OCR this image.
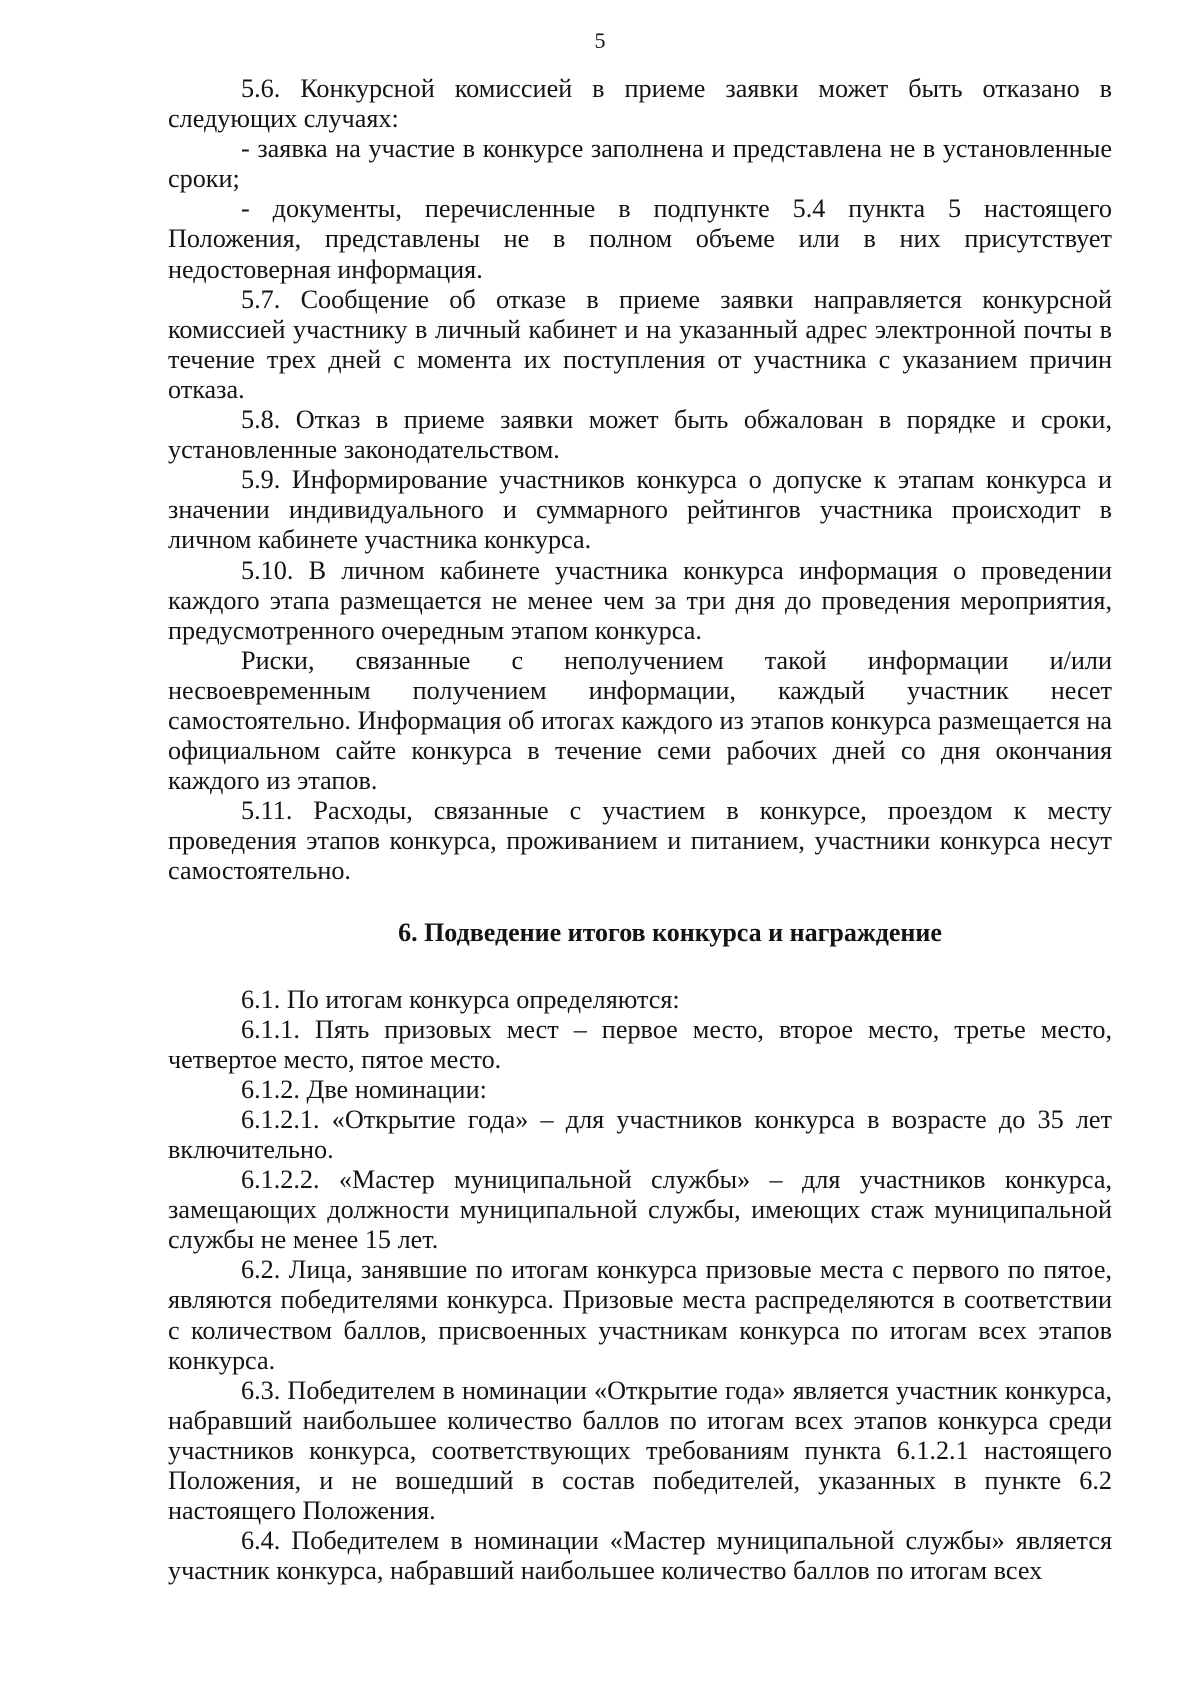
5

5.6. Конкурсной комиссией в приеме заявки может быть отказано в следующих случаях:

- заявка на участие в конкурсе заполнена и представлена не в установленные сроки;

- документы, перечисленные в подпункте 5.4 пункта 5 настоящего Положения, представлены не в полном объеме или в них присутствует недостоверная информация.

5.7. Сообщение об отказе в приеме заявки направляется конкурсной комиссией участнику в личный кабинет и на указанный адрес электронной почты в течение трех дней с момента их поступления от участника с указанием причин отказа.

5.8. Отказ в приеме заявки может быть обжалован в порядке и сроки, установленные законодательством.

5.9. Информирование участников конкурса о допуске к этапам конкурса и значении индивидуального и суммарного рейтингов участника происходит в личном кабинете участника конкурса.

5.10. В личном кабинете участника конкурса информация о проведении каждого этапа размещается не менее чем за три дня до проведения мероприятия, предусмотренного очередным этапом конкурса.

Риски, связанные с неполучением такой информации и/или несвоевременным получением информации, каждый участник несет самостоятельно. Информация об итогах каждого из этапов конкурса размещается на официальном сайте конкурса в течение семи рабочих дней со дня окончания каждого из этапов.

5.11. Расходы, связанные с участием в конкурсе, проездом к месту проведения этапов конкурса, проживанием и питанием, участники конкурса несут самостоятельно.

6. Подведение итогов конкурса и награждение

6.1. По итогам конкурса определяются:

6.1.1. Пять призовых мест – первое место, второе место, третье место, четвертое место, пятое место.

6.1.2. Две номинации:

6.1.2.1. «Открытие года» – для участников конкурса в возрасте до 35 лет включительно.

6.1.2.2. «Мастер муниципальной службы» – для участников конкурса, замещающих должности муниципальной службы, имеющих стаж муниципальной службы не менее 15 лет.

6.2. Лица, занявшие по итогам конкурса призовые места с первого по пятое, являются победителями конкурса. Призовые места распределяются в соответствии с количеством баллов, присвоенных участникам конкурса по итогам всех этапов конкурса.

6.3. Победителем в номинации «Открытие года» является участник конкурса, набравший наибольшее количество баллов по итогам всех этапов конкурса среди участников конкурса, соответствующих требованиям пункта 6.1.2.1 настоящего Положения, и не вошедший в состав победителей, указанных в пункте 6.2 настоящего Положения.

6.4. Победителем в номинации «Мастер муниципальной службы» является участник конкурса, набравший наибольшее количество баллов по итогам всех
